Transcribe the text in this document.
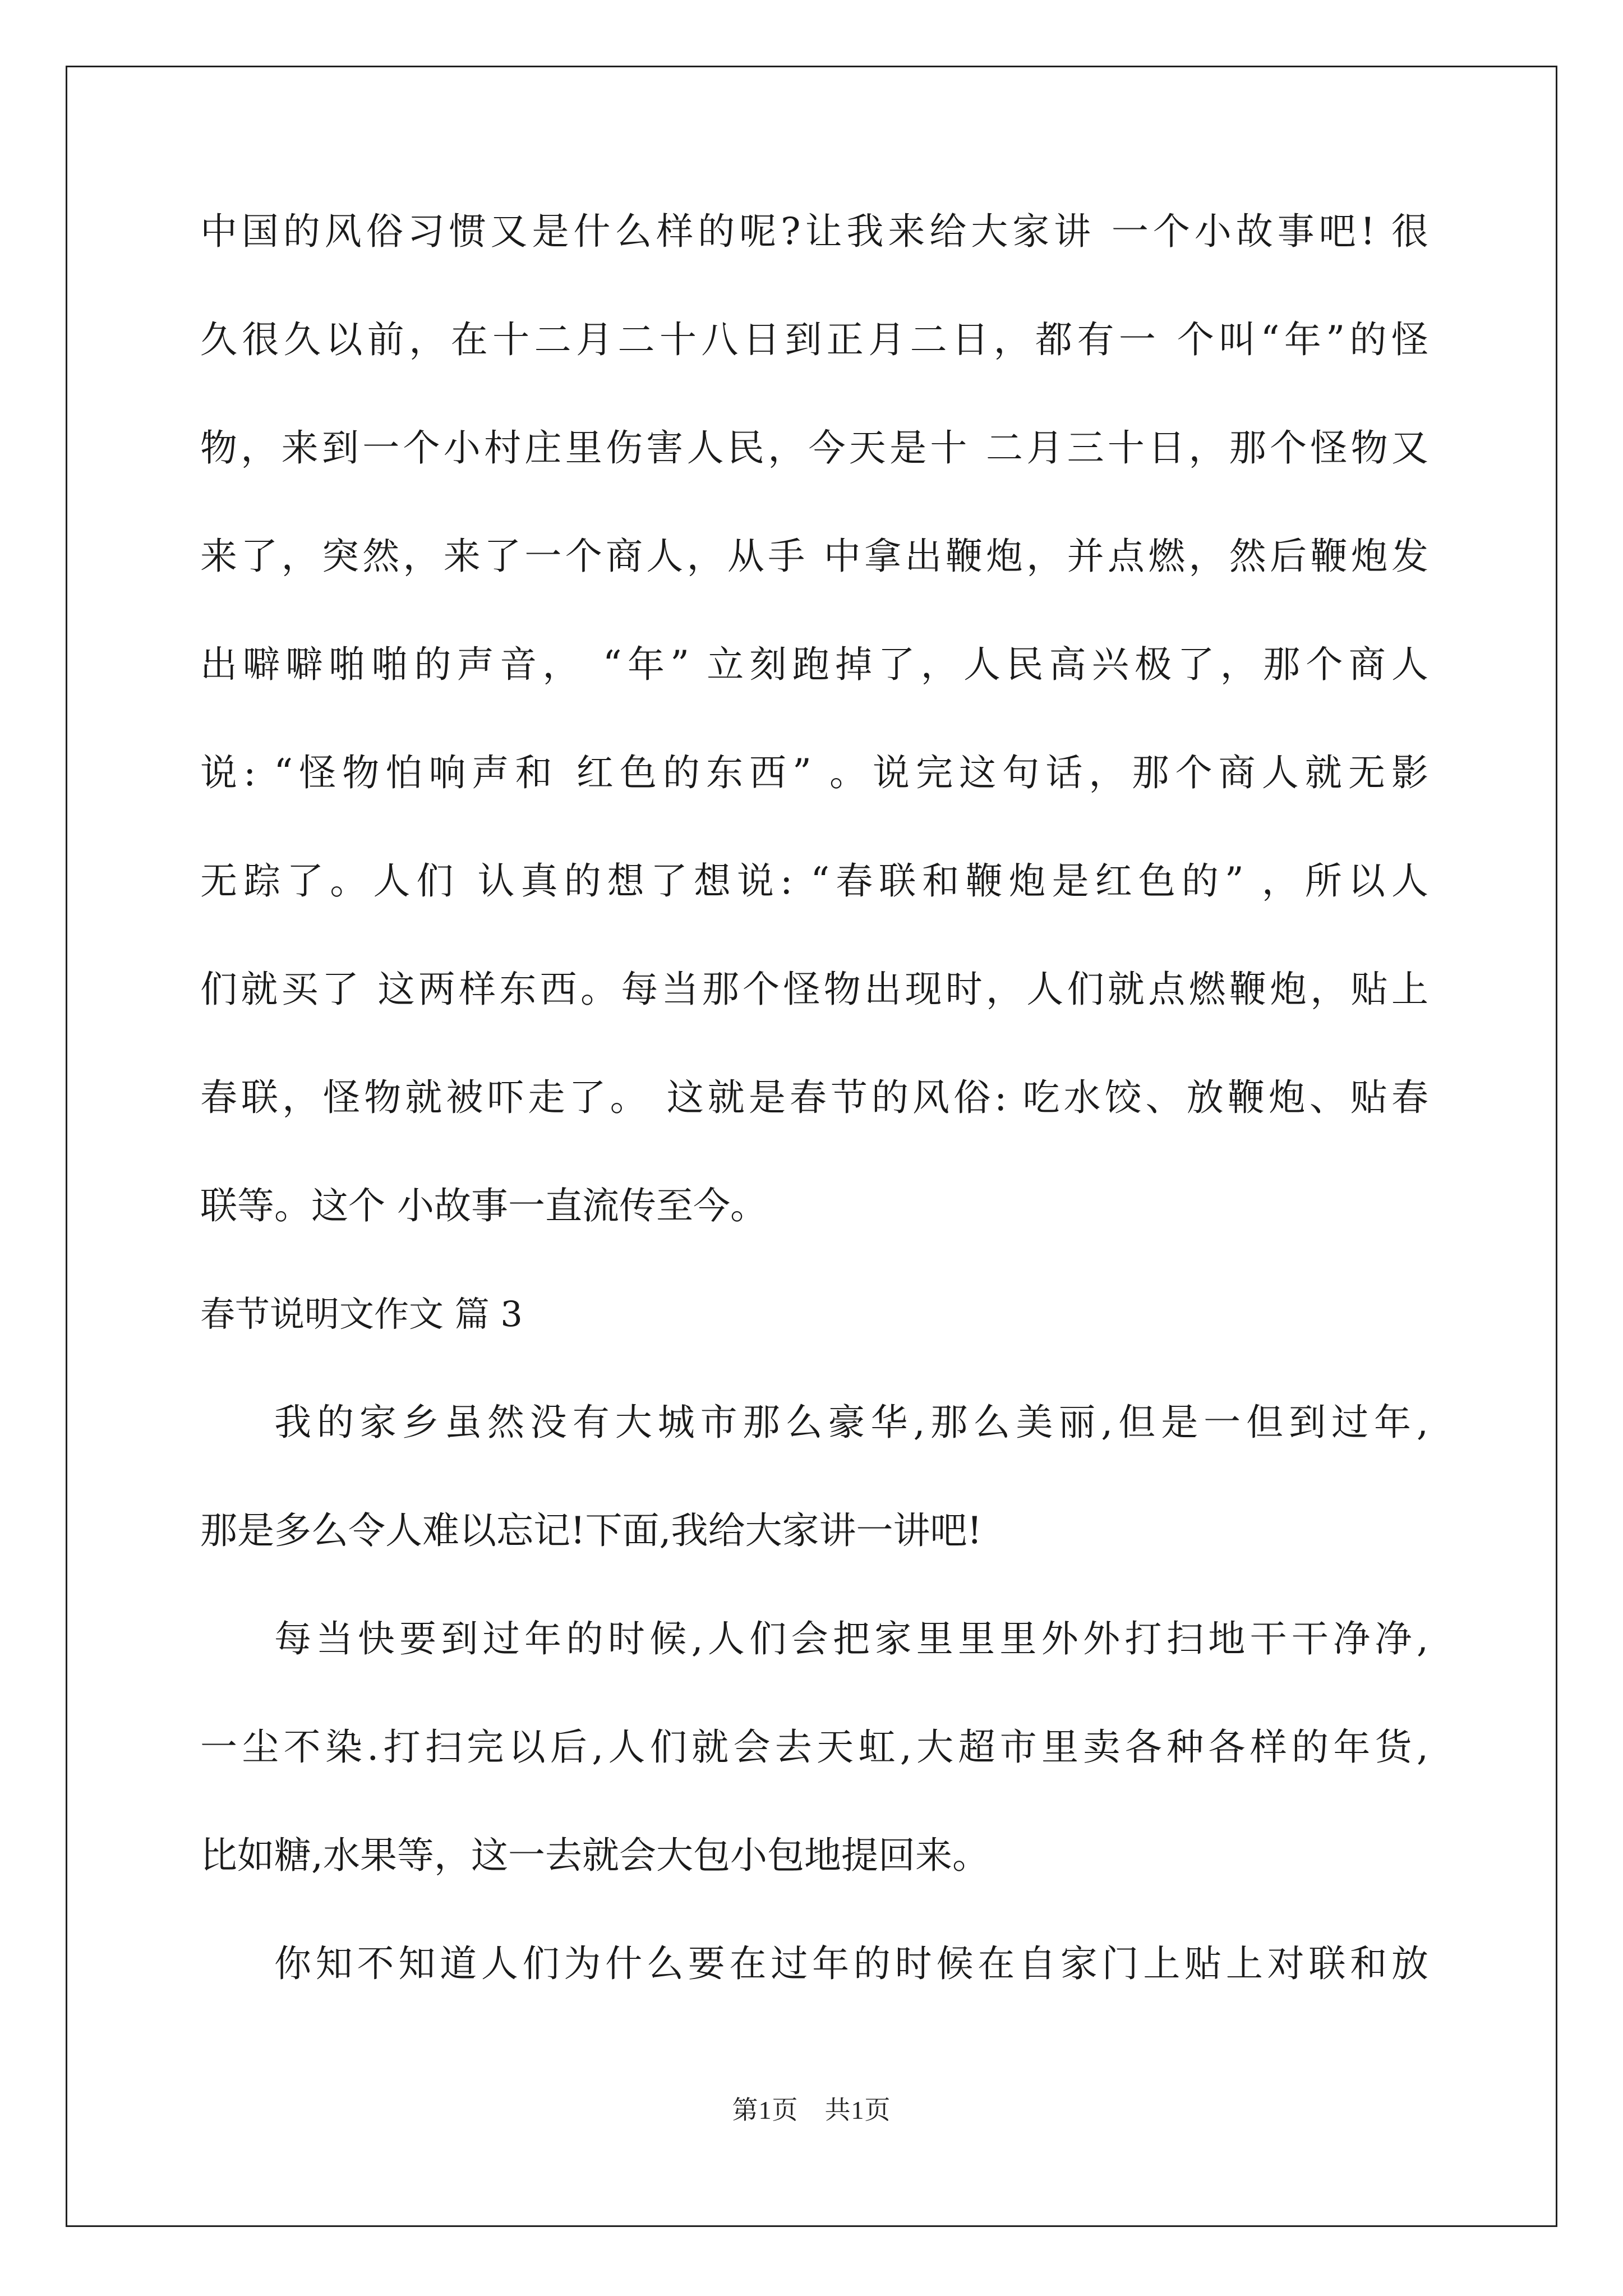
中国的风俗习惯又是什么样的呢?让我来给大家讲 一个小故事吧! 很
久很久以前，在十二月二十八日到正月二日，都有一 个叫“年”的怪
物，来到一个小村庄里伤害人民，今天是十 二月三十日，那个怪物又
来了，突然，来了一个商人，从手 中拿出鞭炮，并点燃，然后鞭炮发
出噼噼啪啪的声音， “年” 立刻跑掉了，人民高兴极了，那个商人
说: “怪物怕响声和 红色的东西” 。说完这句话，那个商人就无影
无踪了。人们 认真的想了想说: “春联和鞭炮是红色的” ，所以人
们就买了 这两样东西。每当那个怪物出现时，人们就点燃鞭炮，贴上
春联，怪物就被吓走了。 这就是春节的风俗: 吃水饺、放鞭炮、贴春
联等。这个 小故事一直流传至今。
春节说明文作文 篇 3
我的家乡虽然没有大城市那么豪华,那么美丽,但是一但到过年,
那是多么令人难以忘记!下面,我给大家讲一讲吧!
每当快要到过年的时候,人们会把家里里里外外打扫地干干净净,
一尘不染.打扫完以后,人们就会去天虹,大超市里卖各种各样的年货,
比如糖,水果等，这一去就会大包小包地提回来。
你知不知道人们为什么要在过年的时候在自家门上贴上对联和放
第1页　共1页
